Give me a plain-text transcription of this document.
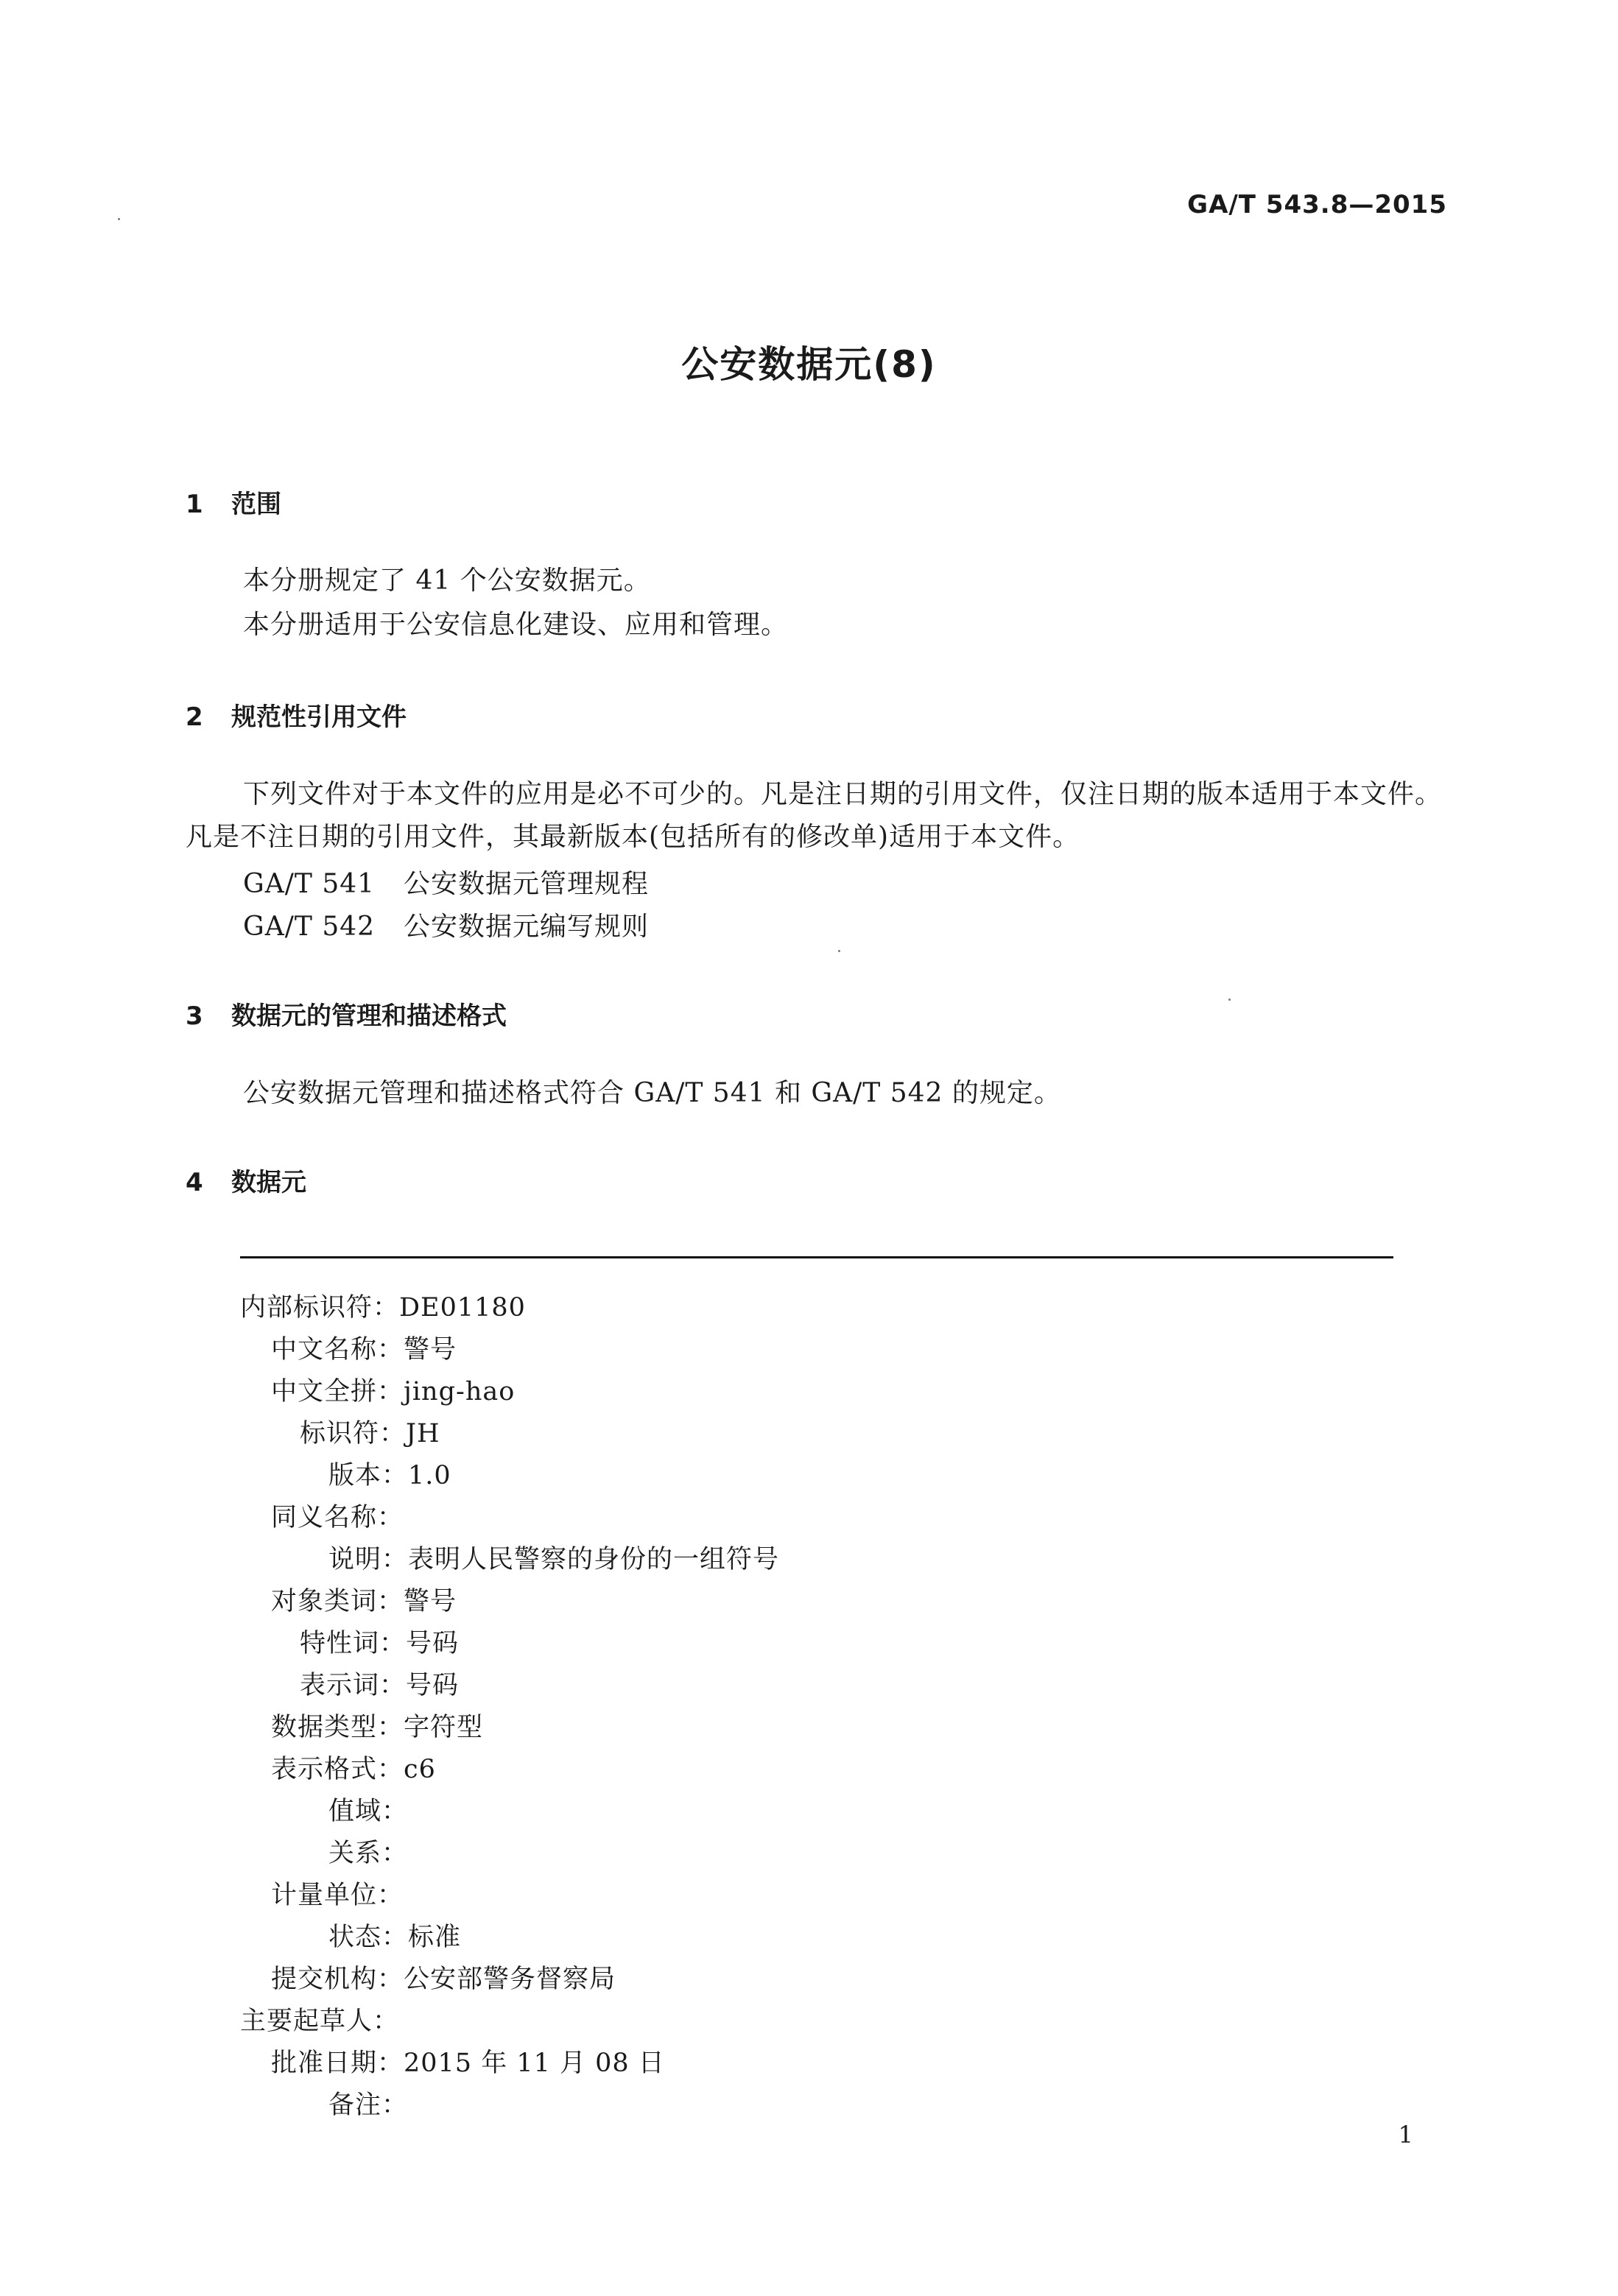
GA/T 543.8—2015
公安数据元(8)
1 范围
本分册规定了 41 个公安数据元。
本分册适用于公安信息化建设、应用和管理。
2 规范性引用文件
下列文件对于本文件的应用是必不可少的。凡是注日期的引用文件，仅注日期的版本适用于本文件。凡是不注日期的引用文件，其最新版本(包括所有的修改单)适用于本文件。
GA/T 541 公安数据元管理规程
GA/T 542 公安数据元编写规则
3 数据元的管理和描述格式
公安数据元管理和描述格式符合 GA/T 541 和 GA/T 542 的规定。
4 数据元
内部标识符：DE01180
中文名称：警号
中文全拼：jing-hao
标识符：JH
版本：1.0
同义名称：
说明：表明人民警察的身份的一组符号
对象类词：警号
特性词：号码
表示词：号码
数据类型：字符型
表示格式：c6
值域：
关系：
计量单位：
状态：标准
提交机构：公安部警务督察局
主要起草人：
批准日期：2015 年 11 月 08 日
备注：
1
